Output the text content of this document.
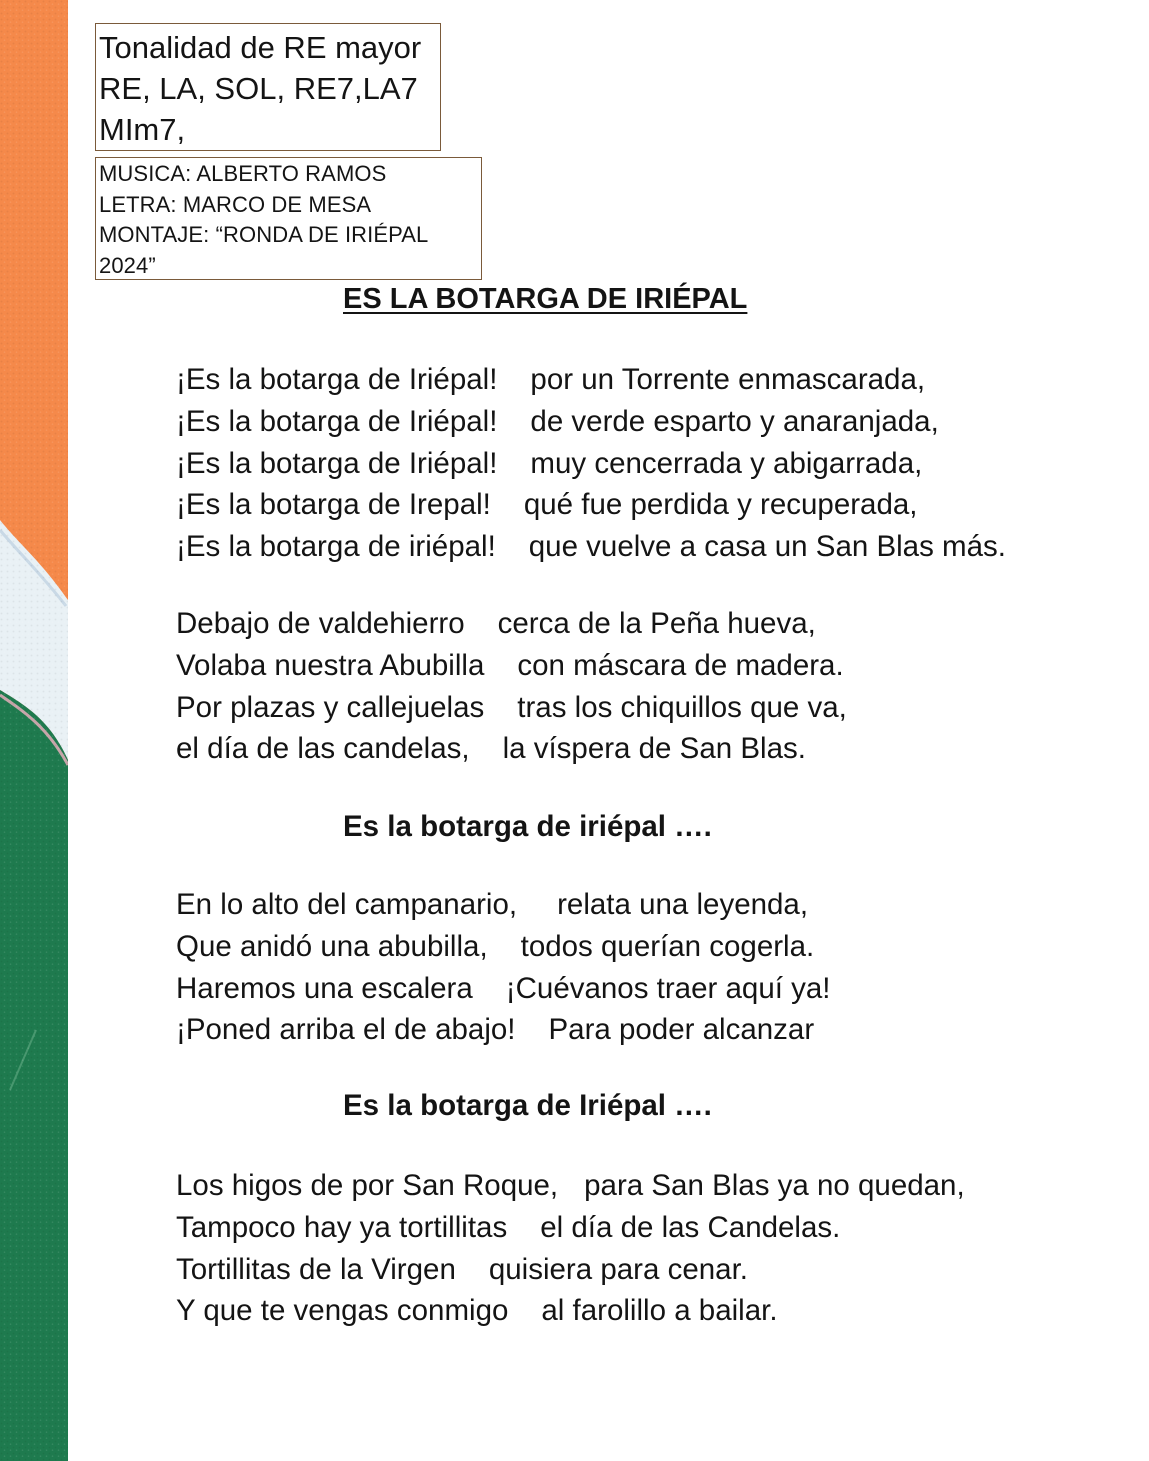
Tonalidad de RE mayor
RE, LA, SOL, RE7,LA7
MIm7,
MUSICA: ALBERTO RAMOS
LETRA: MARCO DE MESA
MONTAJE: “RONDA DE IRIÉPAL
2024”
ES LA BOTARGA DE IRIÉPAL
¡Es la botarga de Iriépal! por un Torrente enmascarada,
¡Es la botarga de Iriépal! de verde esparto y anaranjada,
¡Es la botarga de Iriépal! muy cencerrada y abigarrada,
¡Es la botarga de Irepal! qué fue perdida y recuperada,
¡Es la botarga de iriépal! que vuelve a casa un San Blas más.
Debajo de valdehierro cerca de la Peña hueva,
Volaba nuestra Abubilla con máscara de madera.
Por plazas y callejuelas tras los chiquillos que va,
el día de las candelas, la víspera de San Blas.
Es la botarga de iriépal ….
En lo alto del campanario, relata una leyenda,
Que anidó una abubilla, todos querían cogerla.
Haremos una escalera ¡Cuévanos traer aquí ya!
¡Poned arriba el de abajo! Para poder alcanzar
Es la botarga de Iriépal ….
Los higos de por San Roque, para San Blas ya no quedan,
Tampoco hay ya tortillitas el día de las Candelas.
Tortillitas de la Virgen quisiera para cenar.
Y que te vengas conmigo al farolillo a bailar.
